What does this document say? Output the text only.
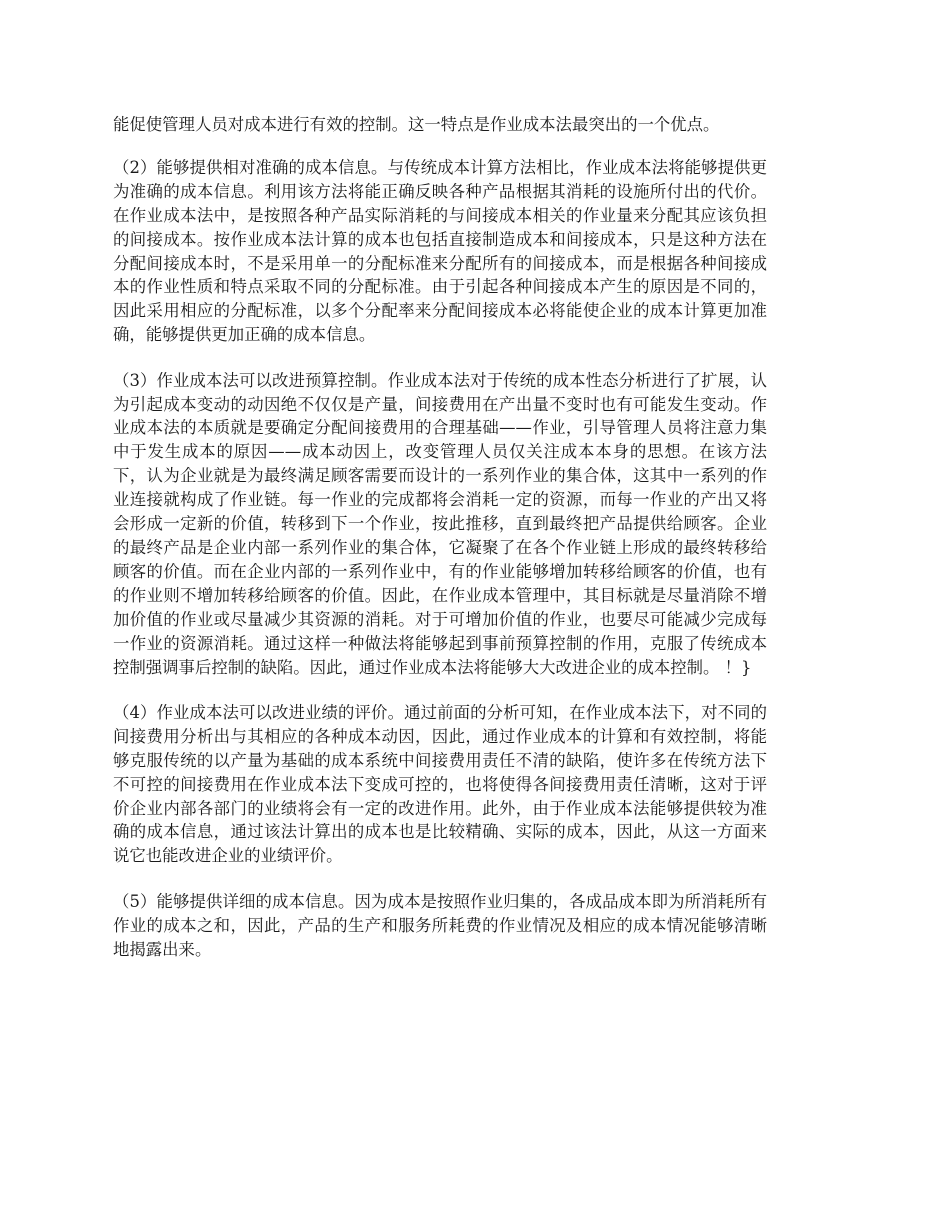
能促使管理人员对成本进行有效的控制。这一特点是作业成本法最突出的一个优点。

（2）能够提供相对准确的成本信息。与传统成本计算方法相比，作业成本法将能够提供更为准确的成本信息。利用该方法将能正确反映各种产品根据其消耗的设施所付出的代价。在作业成本法中，是按照各种产品实际消耗的与间接成本相关的作业量来分配其应该负担的间接成本。按作业成本法计算的成本也包括直接制造成本和间接成本，只是这种方法在分配间接成本时，不是采用单一的分配标准来分配所有的间接成本，而是根据各种间接成本的作业性质和特点采取不同的分配标准。由于引起各种间接成本产生的原因是不同的，因此采用相应的分配标准，以多个分配率来分配间接成本必将能使企业的成本计算更加准确，能够提供更加正确的成本信息。

（3）作业成本法可以改进预算控制。作业成本法对于传统的成本性态分析进行了扩展，认为引起成本变动的动因绝不仅仅是产量，间接费用在产出量不变时也有可能发生变动。作业成本法的本质就是要确定分配间接费用的合理基础——作业，引导管理人员将注意力集中于发生成本的原因——成本动因上，改变管理人员仅关注成本本身的思想。在该方法下，认为企业就是为最终满足顾客需要而设计的一系列作业的集合体，这其中一系列的作业连接就构成了作业链。每一作业的完成都将会消耗一定的资源，而每一作业的产出又将会形成一定新的价值，转移到下一个作业，按此推移，直到最终把产品提供给顾客。企业的最终产品是企业内部一系列作业的集合体，它凝聚了在各个作业链上形成的最终转移给顾客的价值。而在企业内部的一系列作业中，有的作业能够增加转移给顾客的价值，也有的作业则不增加转移给顾客的价值。因此，在作业成本管理中，其目标就是尽量消除不增加价值的作业或尽量减少其资源的消耗。对于可增加价值的作业，也要尽可能减少完成每一作业的资源消耗。通过这样一种做法将能够起到事前预算控制的作用，克服了传统成本控制强调事后控制的缺陷。因此，通过作业成本法将能够大大改进企业的成本控制。 ！}

（4）作业成本法可以改进业绩的评价。通过前面的分析可知，在作业成本法下，对不同的间接费用分析出与其相应的各种成本动因，因此，通过作业成本的计算和有效控制，将能够克服传统的以产量为基础的成本系统中间接费用责任不清的缺陷，使许多在传统方法下不可控的间接费用在作业成本法下变成可控的，也将使得各间接费用责任清晰，这对于评价企业内部各部门的业绩将会有一定的改进作用。此外，由于作业成本法能够提供较为准确的成本信息，通过该法计算出的成本也是比较精确、实际的成本，因此，从这一方面来说它也能改进企业的业绩评价。

（5）能够提供详细的成本信息。因为成本是按照作业归集的，各成品成本即为所消耗所有作业的成本之和，因此，产品的生产和服务所耗费的作业情况及相应的成本情况能够清晰地揭露出来。
